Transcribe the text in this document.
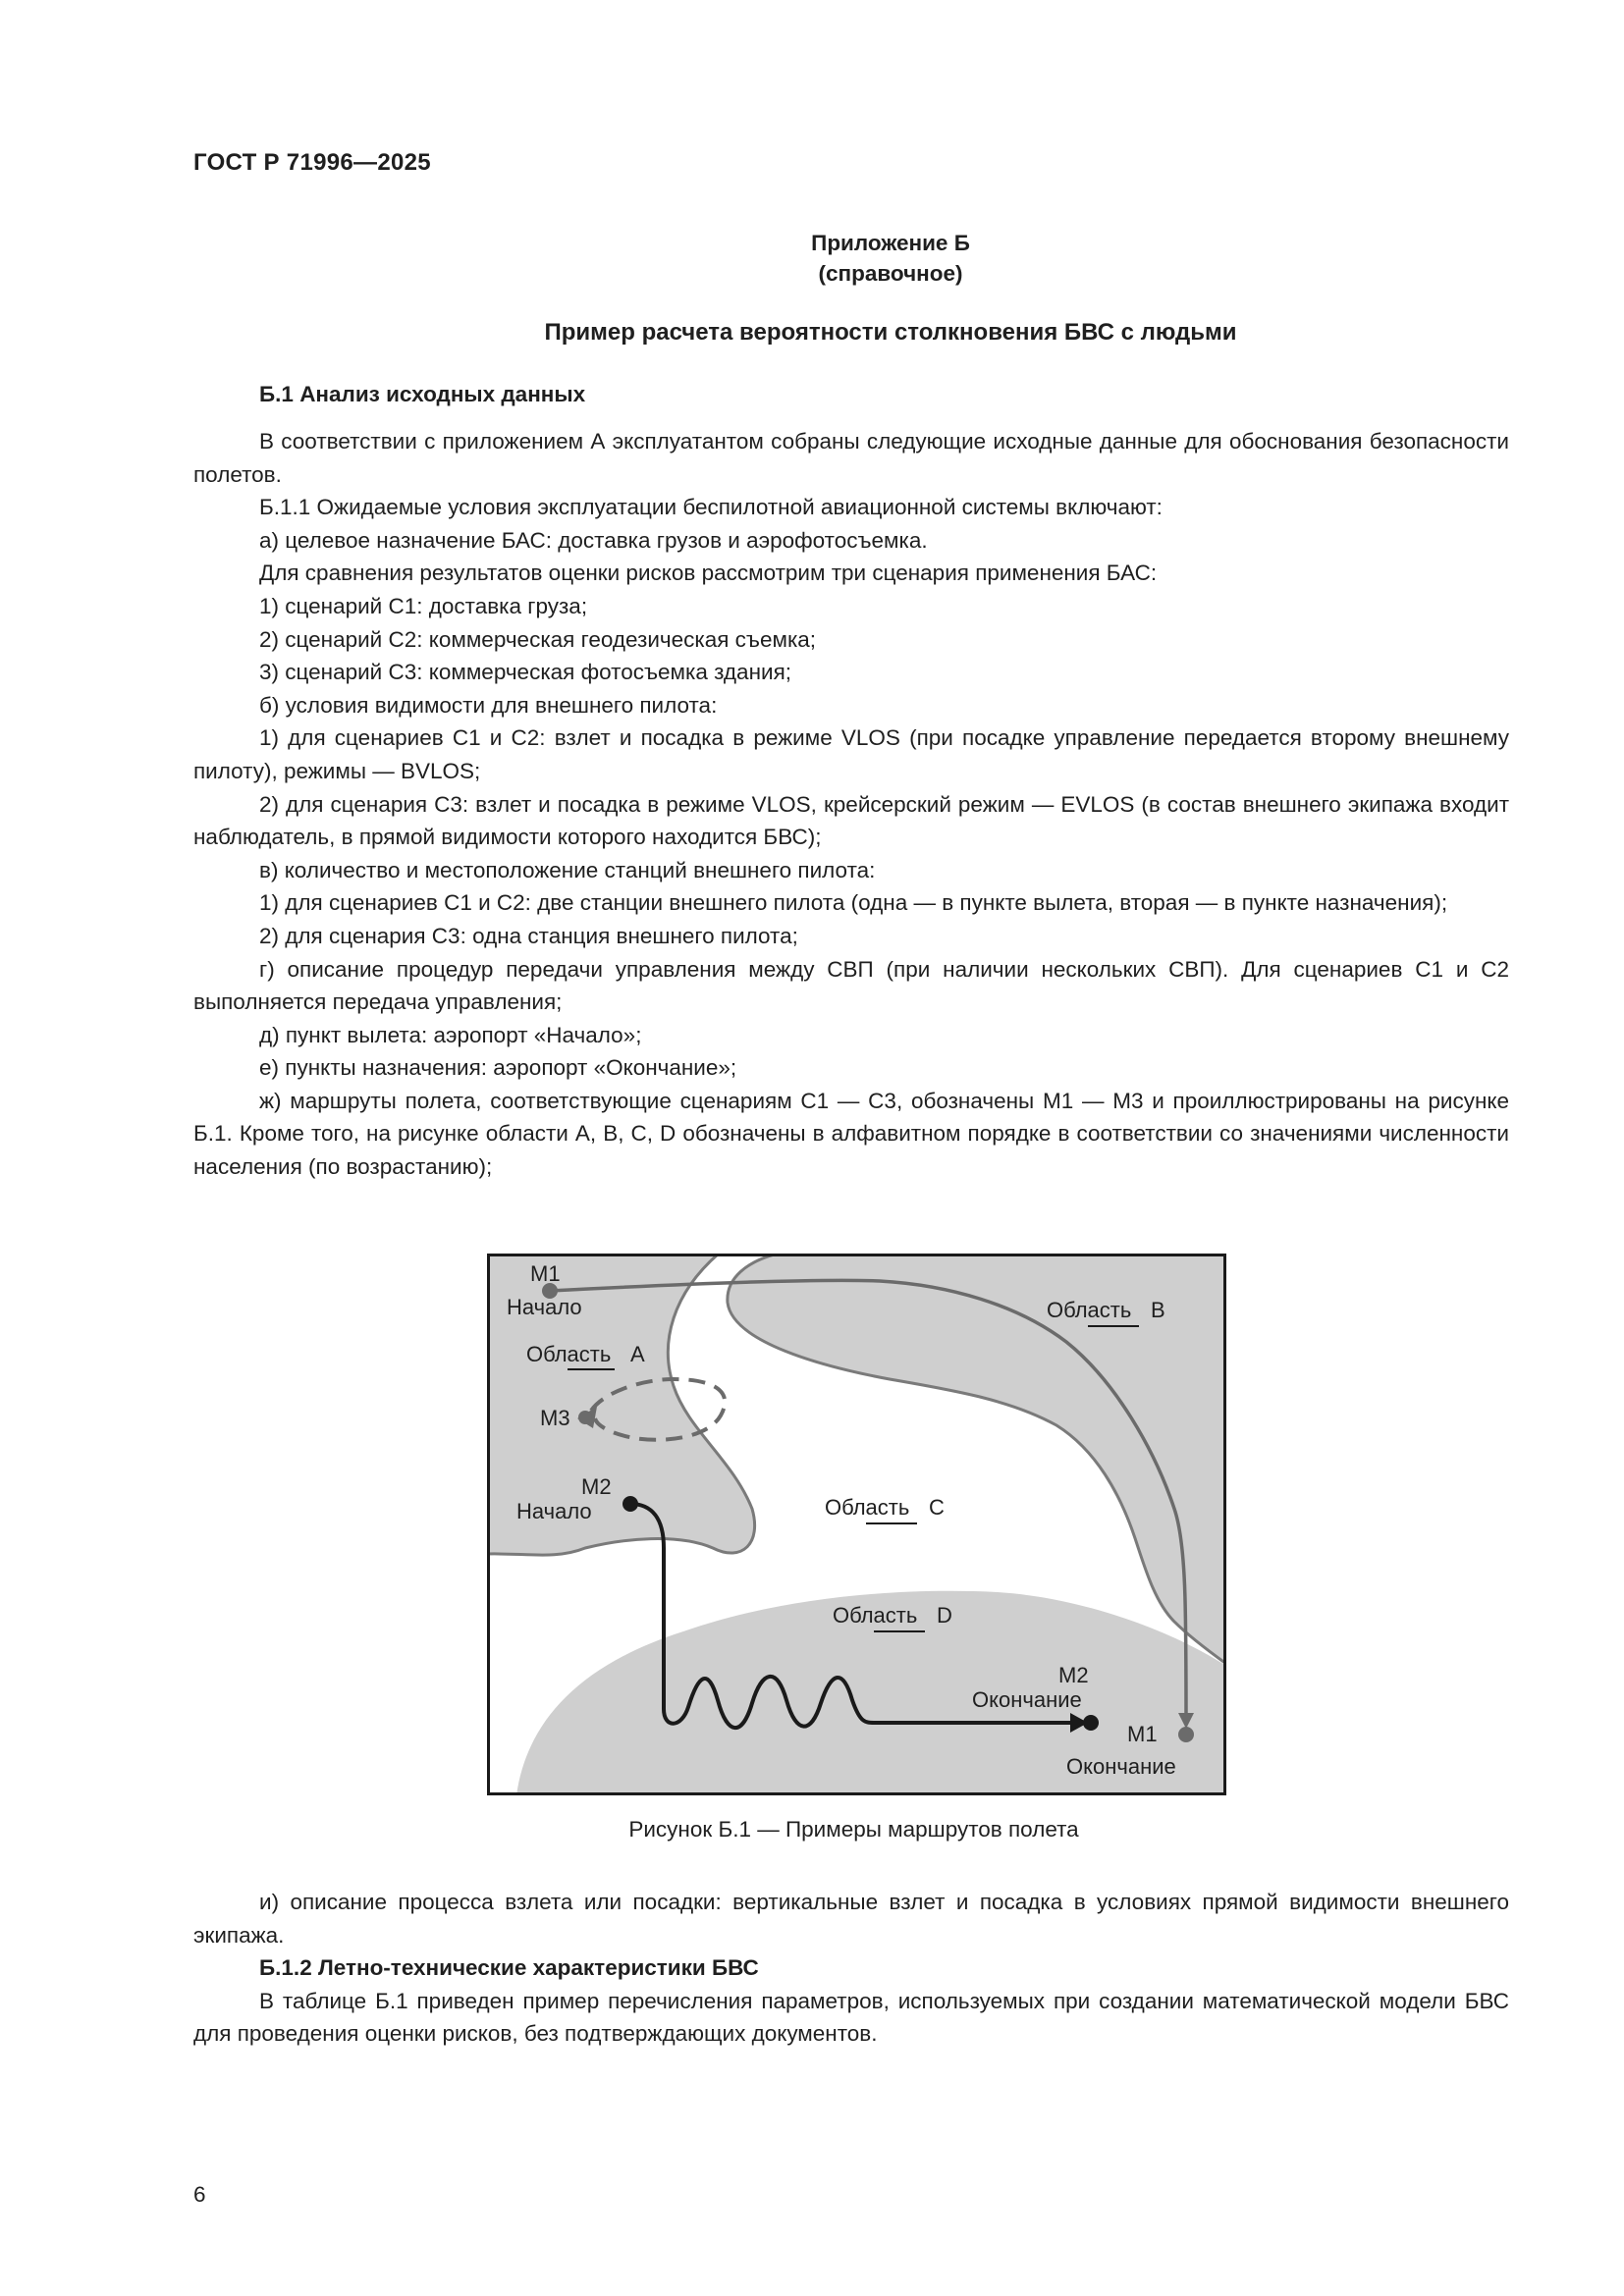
ГОСТ Р 71996—2025
Приложение Б
(справочное)
Пример расчета вероятности столкновения БВС с людьми
Б.1 Анализ исходных данных

В соответствии с приложением А эксплуатантом собраны следующие исходные данные для обоснования безопасности полетов.

Б.1.1 Ожидаемые условия эксплуатации беспилотной авиационной системы включают:

а) целевое назначение БАС: доставка грузов и аэрофотосъемка.

Для сравнения результатов оценки рисков рассмотрим три сценария применения БАС:

1) сценарий С1: доставка груза;

2) сценарий С2: коммерческая геодезическая съемка;

3) сценарий С3: коммерческая фотосъемка здания;

б) условия видимости для внешнего пилота:

1) для сценариев С1 и С2: взлет и посадка в режиме VLOS (при посадке управление передается второму внешнему пилоту), режимы — BVLOS;

2) для сценария С3: взлет и посадка в режиме VLOS, крейсерский режим — EVLOS (в состав внешнего экипажа входит наблюдатель, в прямой видимости которого находится БВС);

в) количество и местоположение станций внешнего пилота:

1) для сценариев С1 и С2: две станции внешнего пилота (одна — в пункте вылета, вторая — в пункте назначения);

2) для сценария С3: одна станция внешнего пилота;

г) описание процедур передачи управления между СВП (при наличии нескольких СВП). Для сценариев С1 и С2 выполняется передача управления;

д) пункт вылета: аэропорт «Начало»;

е) пункты назначения: аэропорт «Окончание»;

ж) маршруты полета, соответствующие сценариям С1 — С3, обозначены М1 — М3 и проиллюстрированы на рисунке Б.1. Кроме того, на рисунке области А, В, С, D обозначены в алфавитном порядке в соответствии со значениями численности населения (по возрастанию);

М1
Начало
Область А
Область В
М3
М2
Начало	Область С
Область D
М2
Окончание
М1
Окончание
Рисунок Б.1 — Примеры маршрутов полета

и) описание процесса взлета или посадки: вертикальные взлет и посадка в условиях прямой видимости внешнего экипажа.

Б.1.2 Летно-технические характеристики БВС

В таблице Б.1 приведен пример перечисления параметров, используемых при создании математической модели БВС для проведения оценки рисков, без подтверждающих документов.

6
